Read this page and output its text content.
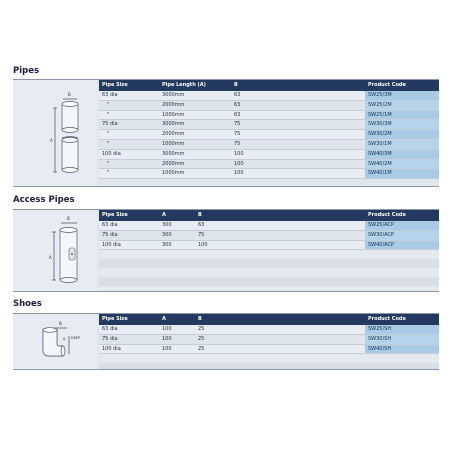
Pipes
A
B
Pipe Size	Pipe Length (A)	B	Product Code
63 dia	3000mm	63	SW25/3M
"	2000mm	63	SW25/2M
"	1000mm	63	SW25/1M
75 dia	3000mm	75	SW30/3M
"	2000mm	75	SW30/2M
"	1000mm	75	SW30/1M
100 dia	3000mm	100	SW40/3M
"	2000mm	100	SW40/2M
"	1000mm	100	SW40/1M
Access Pipes
A
B
Pipe Size	A	B	Product Code
63 dia	300	63	SW25/ACP
75 dia	300	75	SW30/ACP
100 dia	300	100	SW40/ACP
Shoes
B
A DEEP
Pipe Size	A	B	Product Code
63 dia	100	25	SW25/SH
75 dia	100	25	SW30/SH
100 dia	100	25	SW40/SH
